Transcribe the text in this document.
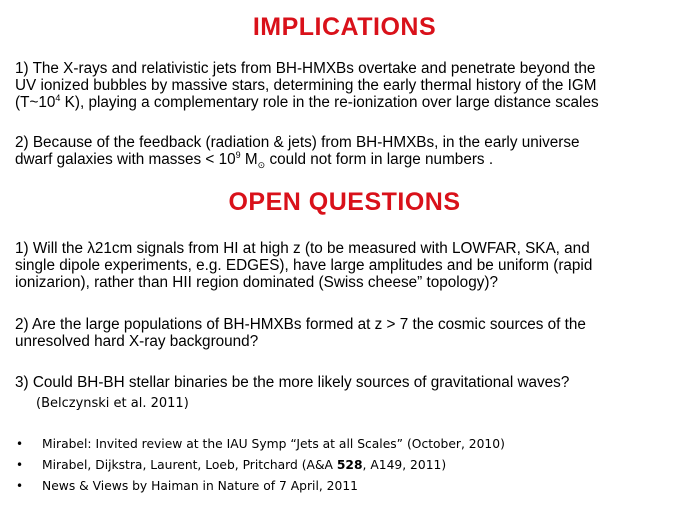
IMPLICATIONS
1) The X-rays and relativistic jets from BH-HMXBs overtake and penetrate beyond the
UV ionized bubbles by massive stars, determining the early thermal history of the IGM
($T\sim 10^4$ K), playing a complementary role in the re-ionization over large distance scales
2) Because of the feedback (radiation & jets) from BH-HMXBs, in the early universe
dwarf galaxies with masses < $10^9$ $M_⊙$ could not form in large numbers .
OPEN QUESTIONS
1) Will the λ21cm signals from HI at high z (to be measured with LOWFAR, SKA, and
single dipole experiments, e.g. EDGES), have large amplitudes and be uniform (rapid
ionizarion), rather than HII region dominated (Swiss cheese” topology)?
2) Are the large populations of BH-HMXBs formed at z > 7 the cosmic sources of the
unresolved hard X-ray background?
3) Could BH-BH stellar binaries be the more likely sources of gravitational waves?
(Belczynski et al. 2011)
•	Mirabel: Invited review at the IAU Symp “Jets at all Scales” (October, 2010)
•	Mirabel, Dijkstra, Laurent, Loeb, Pritchard (A&A 528, A149, 2011)
•	News & Views by Haiman in Nature of 7 April, 2011
